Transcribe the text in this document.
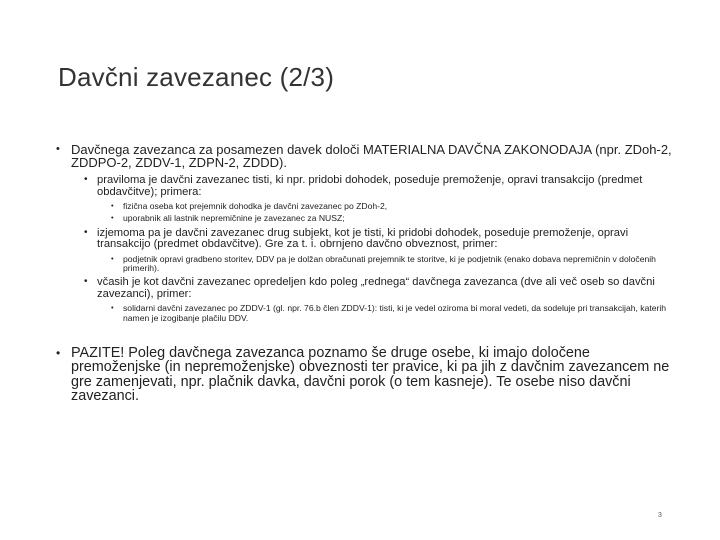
Davčni zavezanec (2/3)
• Davčnega zavezanca za posamezen davek določi MATERIALNA DAVČNA ZAKONODAJA (npr. ZDoh-2, ZDDPO-2, ZDDV-1, ZDPN-2, ZDDD).
• praviloma je davčni zavezanec tisti, ki npr. pridobi dohodek, poseduje premoženje, opravi transakcijo (predmet obdavčitve); primera:
• fizična oseba kot prejemnik dohodka je davčni zavezanec po ZDoh-2,
• uporabnik ali lastnik nepremičnine je zavezanec za NUSZ;
• izjemoma pa je davčni zavezanec drug subjekt, kot je tisti, ki pridobi dohodek, poseduje premoženje, opravi transakcijo (predmet obdavčitve). Gre za t. i. obrnjeno davčno obveznost, primer:
• podjetnik opravi gradbeno storitev, DDV pa je dolžan obračunati prejemnik te storitve, ki je podjetnik (enako dobava nepremičnin v določenih primerih).
• včasih je kot davčni zavezanec opredeljen kdo poleg „rednega“ davčnega zavezanca (dve ali več oseb so davčni zavezanci), primer:
• solidarni davčni zavezanec po ZDDV-1 (gl. npr. 76.b člen ZDDV-1): tisti, ki je vedel oziroma bi moral vedeti, da sodeluje pri transakcijah, katerih namen je izogibanje plačilu DDV.
• PAZITE! Poleg davčnega zavezanca poznamo še druge osebe, ki imajo določene premoženjske (in nepremoženjske) obveznosti ter pravice, ki pa jih z davčnim zavezancem ne gre zamenjevati, npr. plačnik davka, davčni porok (o tem kasneje). Te osebe niso davčni zavezanci.
3
